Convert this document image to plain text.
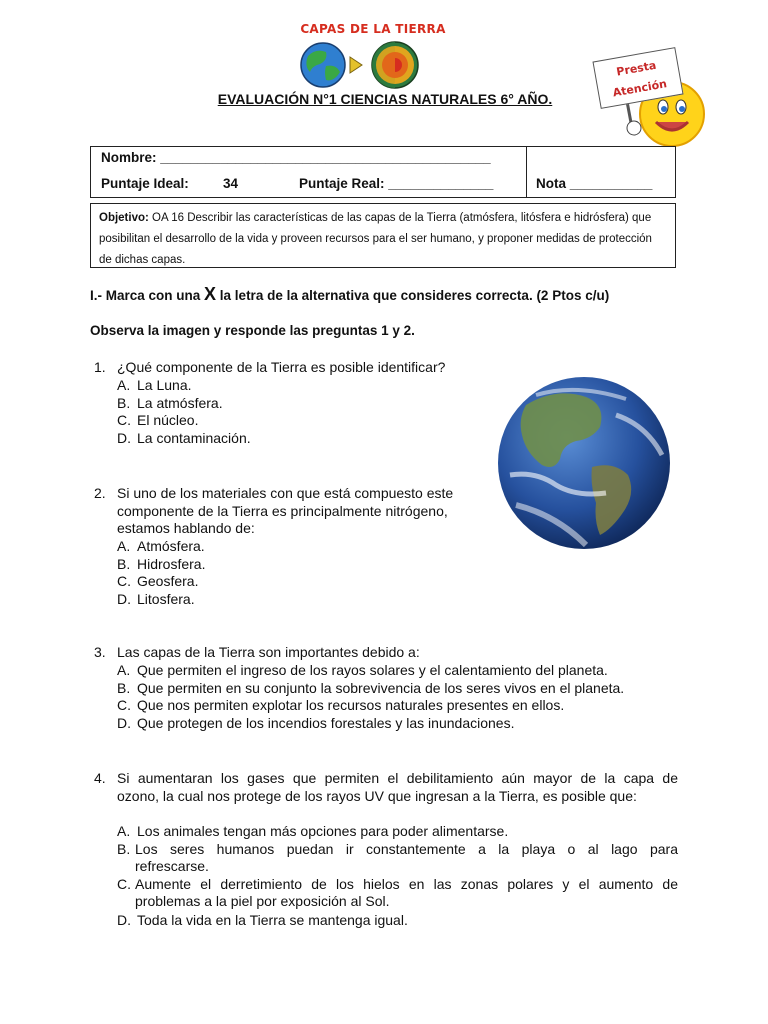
CAPAS DE LA TIERRA
EVALUACIÓN N°1 CIENCIAS NATURALES 6° AÑO.
Presta
Atención
Nombre: ____________________________________________
Puntaje Ideal:	34	Puntaje Real: ______________	Nota ___________
Objetivo: OA 16 Describir las características de las capas de la Tierra (atmósfera, litósfera e hidrósfera) que posibilitan el desarrollo de la vida y proveen recursos para el ser humano, y proponer medidas de protección de dichas capas.
I.- Marca con una X la letra de la alternativa que consideres correcta. (2 Ptos c/u)
Observa la imagen y responde las preguntas 1 y 2.
1. ¿Qué componente de la Tierra es posible identificar?
A. La Luna.
B. La atmósfera.
C. El núcleo.
D. La contaminación.
2. Si uno de los materiales con que está compuesto este
componente de la Tierra es principalmente nitrógeno,
estamos hablando de:
A. Atmósfera.
B. Hidrosfera.
C. Geosfera.
D. Litosfera.
3. Las capas de la Tierra son importantes debido a:
A. Que permiten el ingreso de los rayos solares y el calentamiento del planeta.
B. Que permiten en su conjunto la sobrevivencia de los seres vivos en el planeta.
C. Que nos permiten explotar los recursos naturales presentes en ellos.
D. Que protegen de los incendios forestales y las inundaciones.
4. Si aumentaran los gases que permiten el debilitamiento aún mayor de la capa de
ozono, la cual nos protege de los rayos UV que ingresan a la Tierra, es posible que:
A. Los animales tengan más opciones para poder alimentarse.
B. Los seres humanos puedan ir constantemente a la playa o al lago para
refrescarse.
C. Aumente el derretimiento de los hielos en las zonas polares y el aumento de
problemas a la piel por exposición al Sol.
D. Toda la vida en la Tierra se mantenga igual.
